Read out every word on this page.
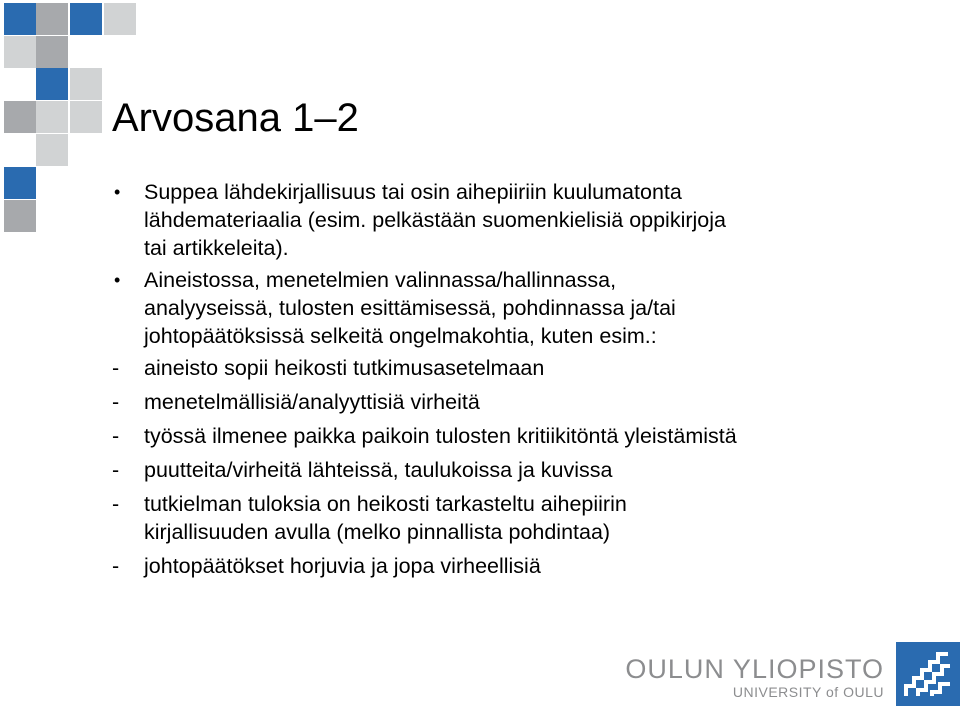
Arvosana 1–2
•	Suppea lähdekirjallisuus tai osin aihepiiriin kuulumatonta
lähdemateriaalia (esim. pelkästään suomenkielisiä oppikirjoja
tai artikkeleita).
•	Aineistossa, menetelmien valinnassa/hallinnassa,
analyyseissä, tulosten esittämisessä, pohdinnassa ja/tai
johtopäätöksissä selkeitä ongelmakohtia, kuten esim.:
-	aineisto sopii heikosti tutkimusasetelmaan
-	menetelmällisiä/analyyttisiä virheitä
-	työssä ilmenee paikka paikoin tulosten kritiikitöntä yleistämistä
-	puutteita/virheitä lähteissä, taulukoissa ja kuvissa
-	tutkielman tuloksia on heikosti tarkasteltu aihepiirin
kirjallisuuden avulla (melko pinnallista pohdintaa)
-	johtopäätökset horjuvia ja jopa virheellisiä
OULUN YLIOPISTO
UNIVERSITY of OULU
